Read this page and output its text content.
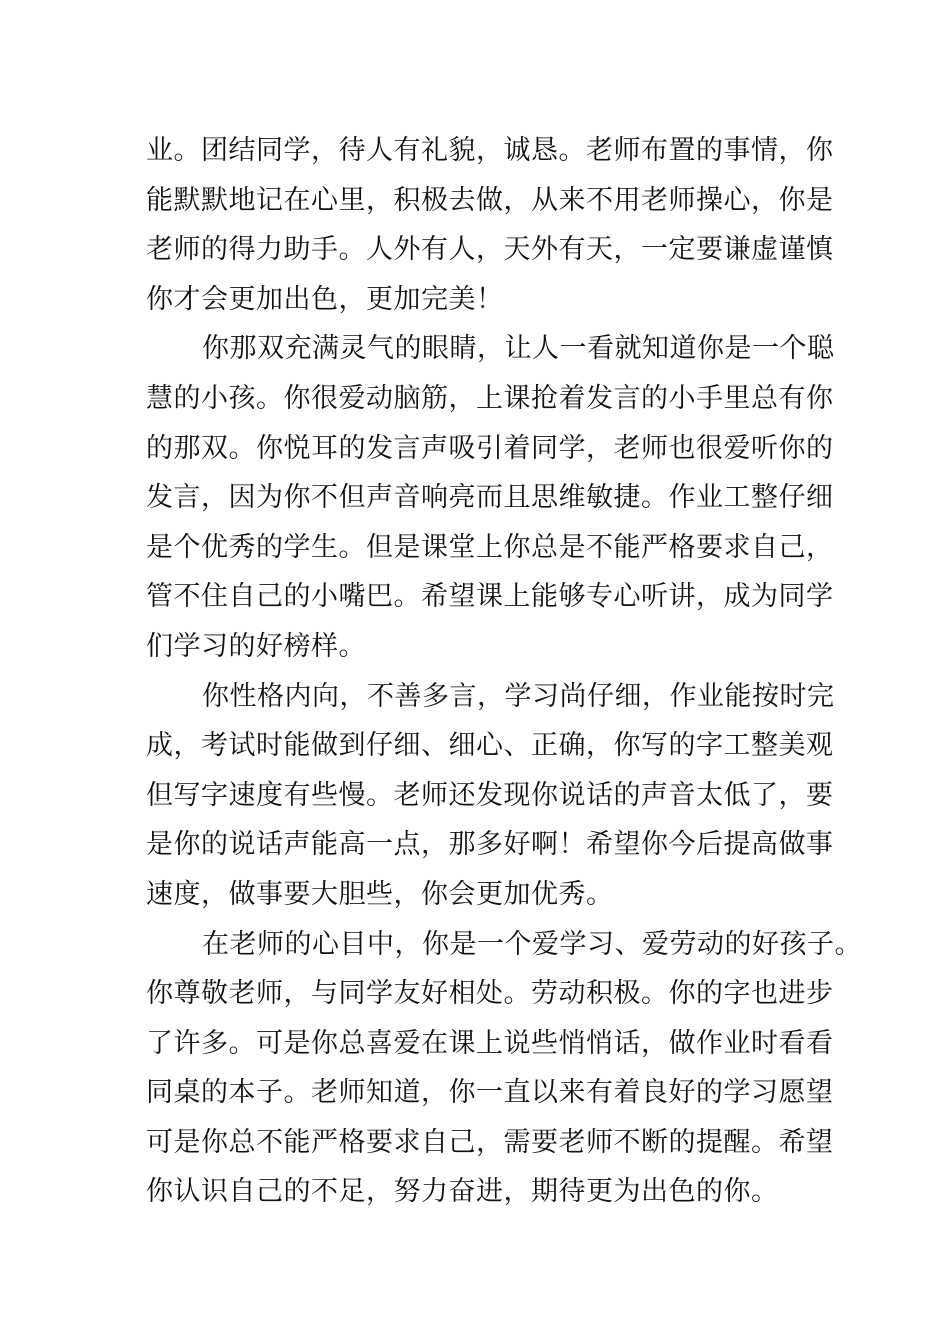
业。团结同学，待人有礼貌，诚恳。老师布置的事情，你
能默默地记在心里，积极去做，从来不用老师操心，你是
老师的得力助手。人外有人，天外有天，一定要谦虚谨慎
你才会更加出色，更加完美！
你那双充满灵气的眼睛，让人一看就知道你是一个聪
慧的小孩。你很爱动脑筋，上课抢着发言的小手里总有你
的那双。你悦耳的发言声吸引着同学，老师也很爱听你的
发言，因为你不但声音响亮而且思维敏捷。作业工整仔细
是个优秀的学生。但是课堂上你总是不能严格要求自己，
管不住自己的小嘴巴。希望课上能够专心听讲，成为同学
们学习的好榜样。
你性格内向，不善多言，学习尚仔细，作业能按时完
成，考试时能做到仔细、细心、正确，你写的字工整美观
但写字速度有些慢。老师还发现你说话的声音太低了，要
是你的说话声能高一点，那多好啊！希望你今后提高做事
速度，做事要大胆些，你会更加优秀。
在老师的心目中，你是一个爱学习、爱劳动的好孩子。
你尊敬老师，与同学友好相处。劳动积极。你的字也进步
了许多。可是你总喜爱在课上说些悄悄话，做作业时看看
同桌的本子。老师知道，你一直以来有着良好的学习愿望
可是你总不能严格要求自己，需要老师不断的提醒。希望
你认识自己的不足，努力奋进，期待更为出色的你。
